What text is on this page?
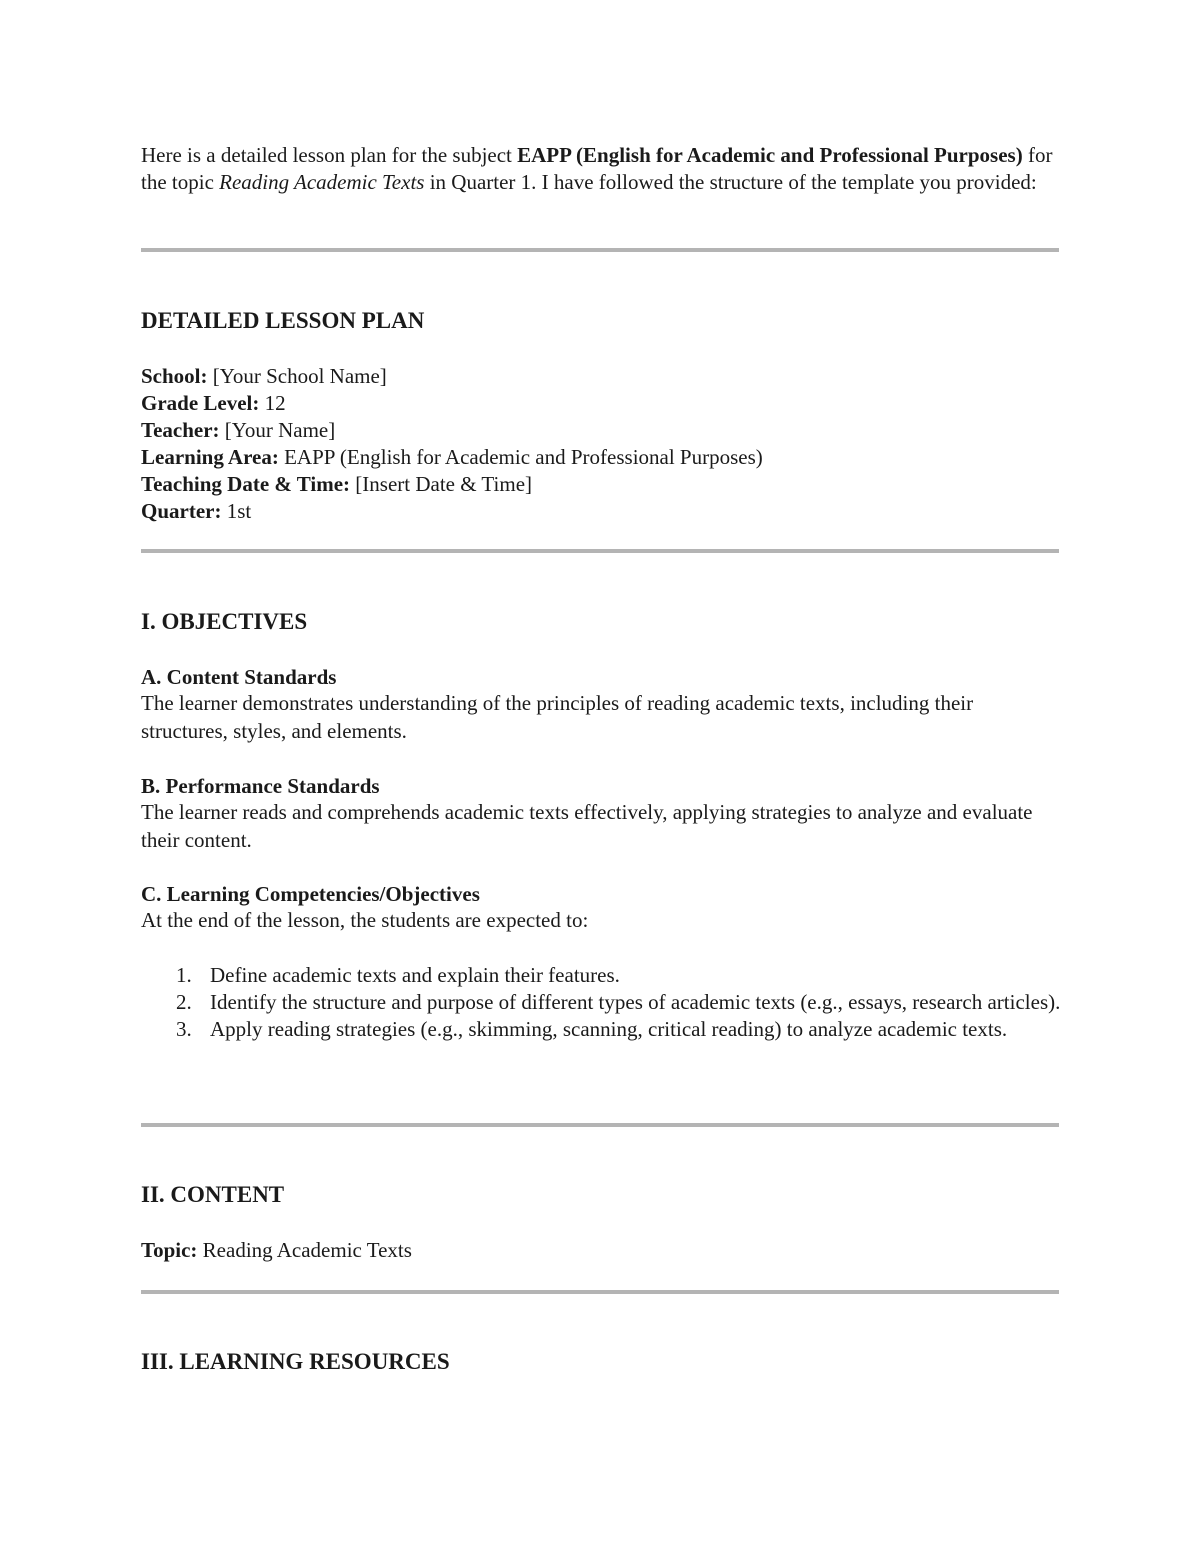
Here is a detailed lesson plan for the subject EAPP (English for Academic and Professional Purposes) for the topic Reading Academic Texts in Quarter 1. I have followed the structure of the template you provided:

DETAILED LESSON PLAN
School: [Your School Name]
Grade Level: 12
Teacher: [Your Name]
Learning Area: EAPP (English for Academic and Professional Purposes)
Teaching Date & Time: [Insert Date & Time]
Quarter: 1st
I. OBJECTIVES
A. Content Standards

The learner demonstrates understanding of the principles of reading academic texts, including their structures, styles, and elements.

B. Performance Standards

The learner reads and comprehends academic texts effectively, applying strategies to analyze and evaluate their content.

C. Learning Competencies/Objectives

At the end of the lesson, the students are expected to:

1. Define academic texts and explain their features.
2. Identify the structure and purpose of different types of academic texts (e.g., essays, research articles).
3. Apply reading strategies (e.g., skimming, scanning, critical reading) to analyze academic texts.
II. CONTENT
Topic: Reading Academic Texts
III. LEARNING RESOURCES
